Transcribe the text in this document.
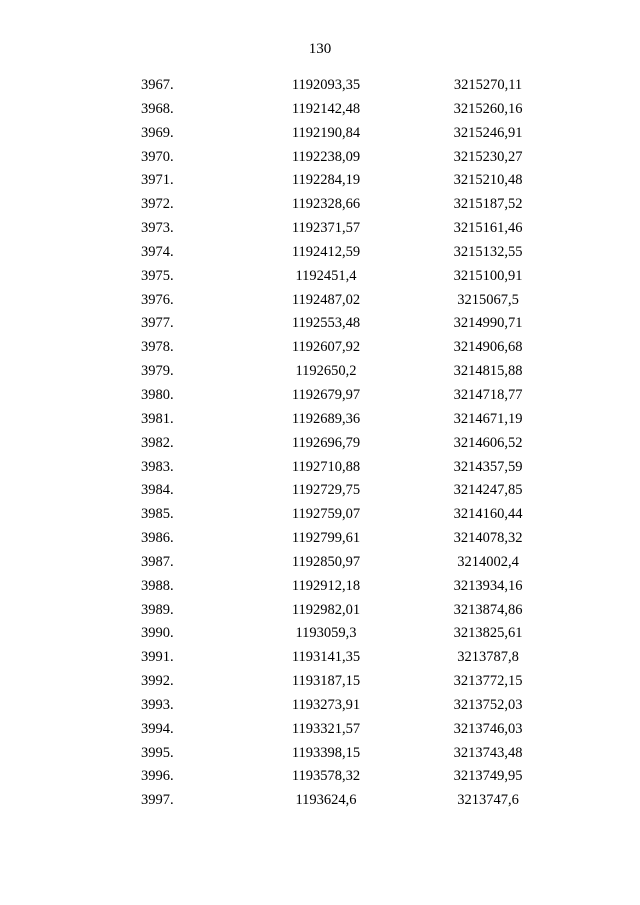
130
3967.	1192093,35	3215270,11
3968.	1192142,48	3215260,16
3969.	1192190,84	3215246,91
3970.	1192238,09	3215230,27
3971.	1192284,19	3215210,48
3972.	1192328,66	3215187,52
3973.	1192371,57	3215161,46
3974.	1192412,59	3215132,55
3975.	1192451,4	3215100,91
3976.	1192487,02	3215067,5
3977.	1192553,48	3214990,71
3978.	1192607,92	3214906,68
3979.	1192650,2	3214815,88
3980.	1192679,97	3214718,77
3981.	1192689,36	3214671,19
3982.	1192696,79	3214606,52
3983.	1192710,88	3214357,59
3984.	1192729,75	3214247,85
3985.	1192759,07	3214160,44
3986.	1192799,61	3214078,32
3987.	1192850,97	3214002,4
3988.	1192912,18	3213934,16
3989.	1192982,01	3213874,86
3990.	1193059,3	3213825,61
3991.	1193141,35	3213787,8
3992.	1193187,15	3213772,15
3993.	1193273,91	3213752,03
3994.	1193321,57	3213746,03
3995.	1193398,15	3213743,48
3996.	1193578,32	3213749,95
3997.	1193624,6	3213747,6
